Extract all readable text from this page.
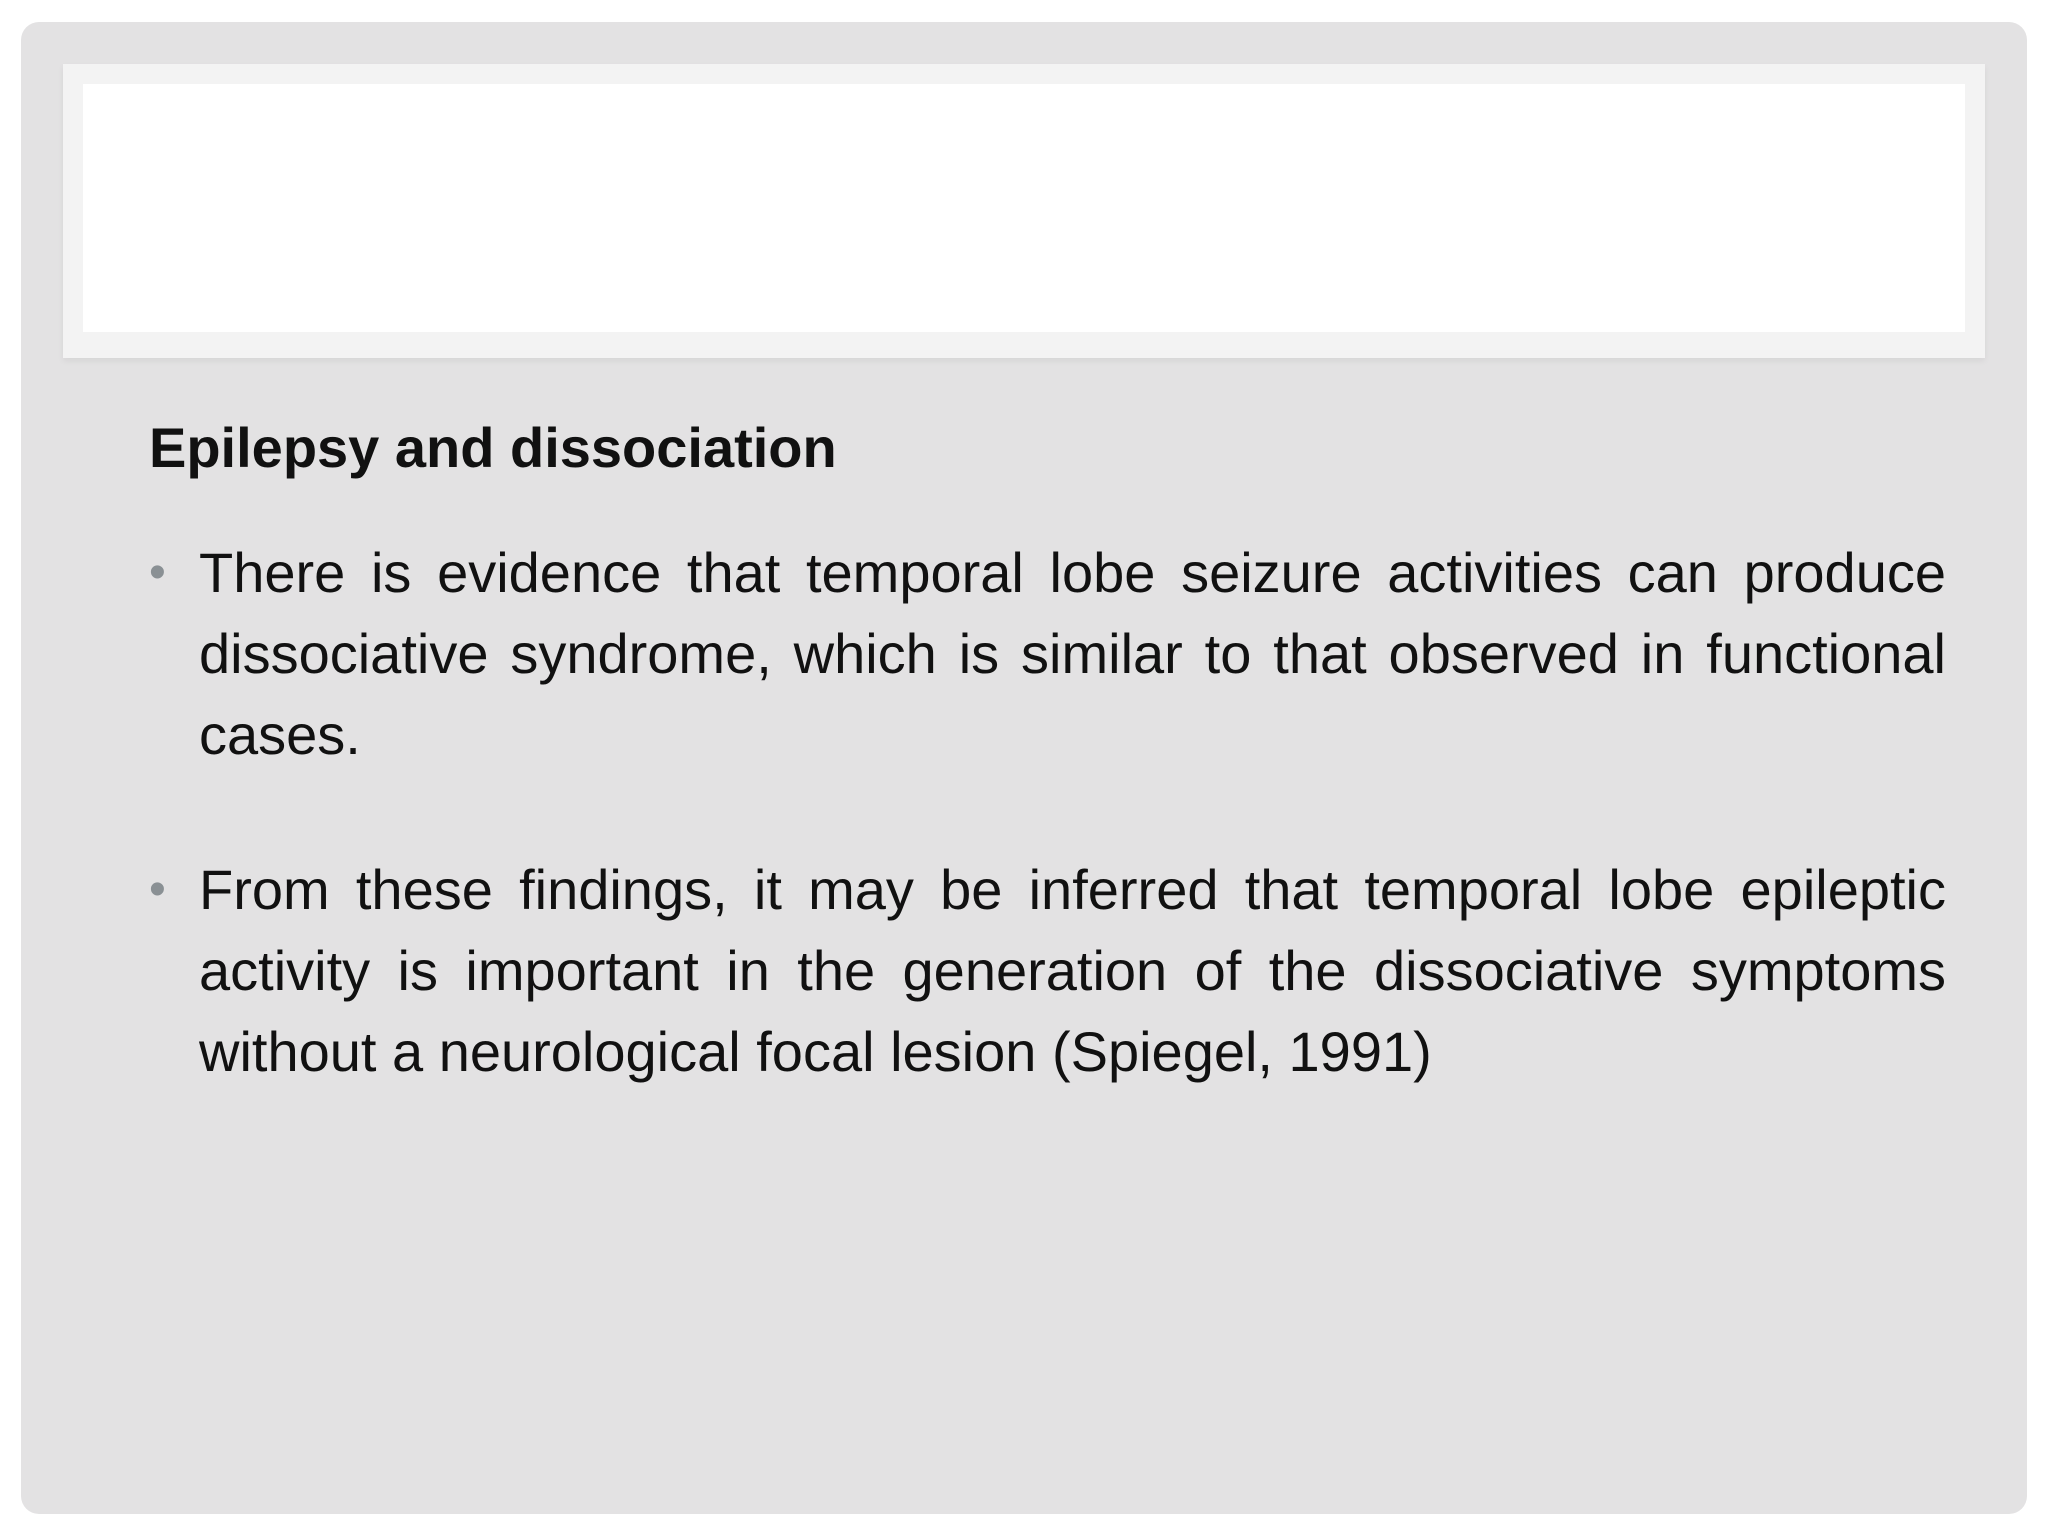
Epilepsy and dissociation
• There is evidence that temporal lobe seizure activities can produce dissociative syndrome, which is similar to that observed in functional cases.
• From these findings, it may be inferred that temporal lobe epileptic activity is important in the generation of the dissociative symptoms without a neurological focal lesion (Spiegel, 1991)
